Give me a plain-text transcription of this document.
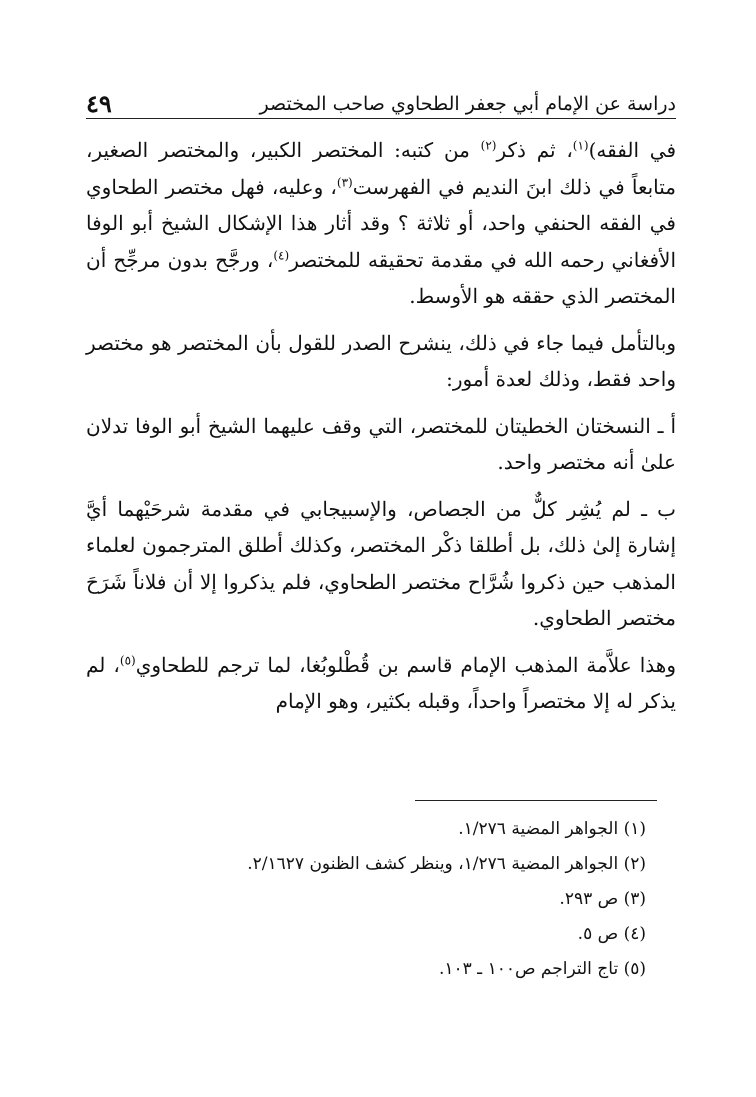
دراسة عن الإمام أبي جعفر الطحاوي صاحب المختصر
٤٩

في الفقه)$^{(١)}$، ثم ذكر$^{(٢)}$ من كتبه: المختصر الكبير، والمختصر الصغير، متابعاً في ذلك ابنَ النديم في الفهرست$^{(٣)}$، وعليه، فهل مختصر الطحاوي في الفقه الحنفي واحد، أو ثلاثة ؟ وقد أثار هذا الإشكال الشيخ أبو الوفا الأفغاني رحمه الله في مقدمة تحقيقه للمختصر$^{(٤)}$، ورجَّح بدون مرجِّح أن المختصر الذي حققه هو الأوسط.

وبالتأمل فيما جاء في ذلك، ينشرح الصدر للقول بأن المختصر هو مختصر واحد فقط، وذلك لعدة أمور:

أ ـ النسختان الخطيتان للمختصر، التي وقف عليهما الشيخ أبو الوفا تدلان علىٰ أنه مختصر واحد.

ب ـ لم يُشِر كلٌّ من الجصاص، والإسبيجابي في مقدمة شرحَيْهما أيَّ إشارة إلىٰ ذلك، بل أطلقا ذكْر المختصر، وكذلك أطلق المترجمون لعلماء المذهب حين ذكروا شُرَّاح مختصر الطحاوي، فلم يذكروا إلا أن فلاناً شَرَحَ مختصر الطحاوي.

وهذا علاَّمة المذهب الإمام قاسم بن قُطْلوبُغا، لما ترجم للطحاوي$^{(٥)}$، لم يذكر له إلا مختصراً واحداً، وقبله بكثير، وهو الإمام

(١) الجواهر المضية ١/٢٧٦.

(٢) الجواهر المضية ١/٢٧٦، وينظر كشف الظنون ٢/١٦٢٧.

(٣) ص ٢٩٣.

(٤) ص ٥.

(٥) تاج التراجم ص١٠٠ ـ ١٠٣.
